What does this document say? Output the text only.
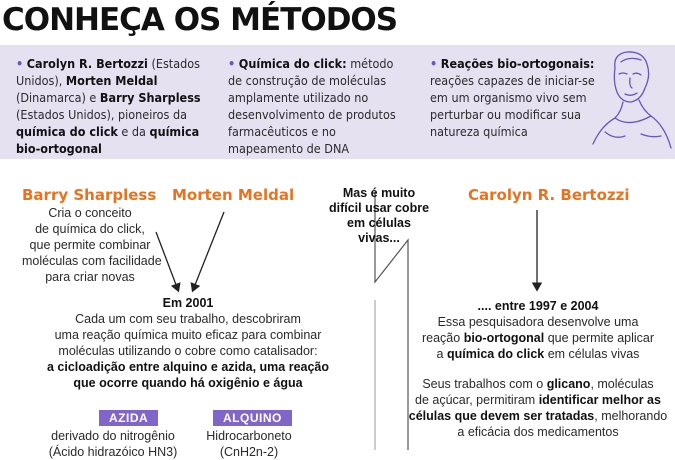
CONHEÇA OS MÉTODOS
• Carolyn R. Bertozzi (Estados Unidos), Morten Meldal (Dinamarca) e Barry Sharpless (Estados Unidos), pioneiros da química do click e da química bio-ortogonal
• Química do click: método de construção de moléculas amplamente utilizado no desenvolvimento de produtos farmacêuticos e no mapeamento de DNA
• Reações bio-ortogonais: reações capazes de iniciar-se em um organismo vivo sem perturbar ou modificar sua natureza química
Barry Sharpless
Cria o conceito
de química do click,
que permite combinar
moléculas com facilidade
para criar novas
Morten Meldal	Mas é muito
difícil usar cobre
em células
vivas...
Em 2001
Cada um com seu trabalho, descobriram
uma reação química muito eficaz para combinar
moléculas utilizando o cobre como catalisador:
a cicloadição entre alquino e azida, uma reação
que ocorre quando há oxigênio e água
AZIDA
derivado do nitrogênio
(Ácido hidrazóico HN3)
ALQUINO
Hidrocarboneto
(CnH2n-2)
Carolyn R. Bertozzi
.... entre 1997 e 2004
Essa pesquisadora desenvolve uma
reação bio-ortogonal que permite aplicar
a química do click em células vivas
Seus trabalhos com o glicano, moléculas
de açúcar, permitiram identificar melhor as
células que devem ser tratadas, melhorando
a eficácia dos medicamentos
